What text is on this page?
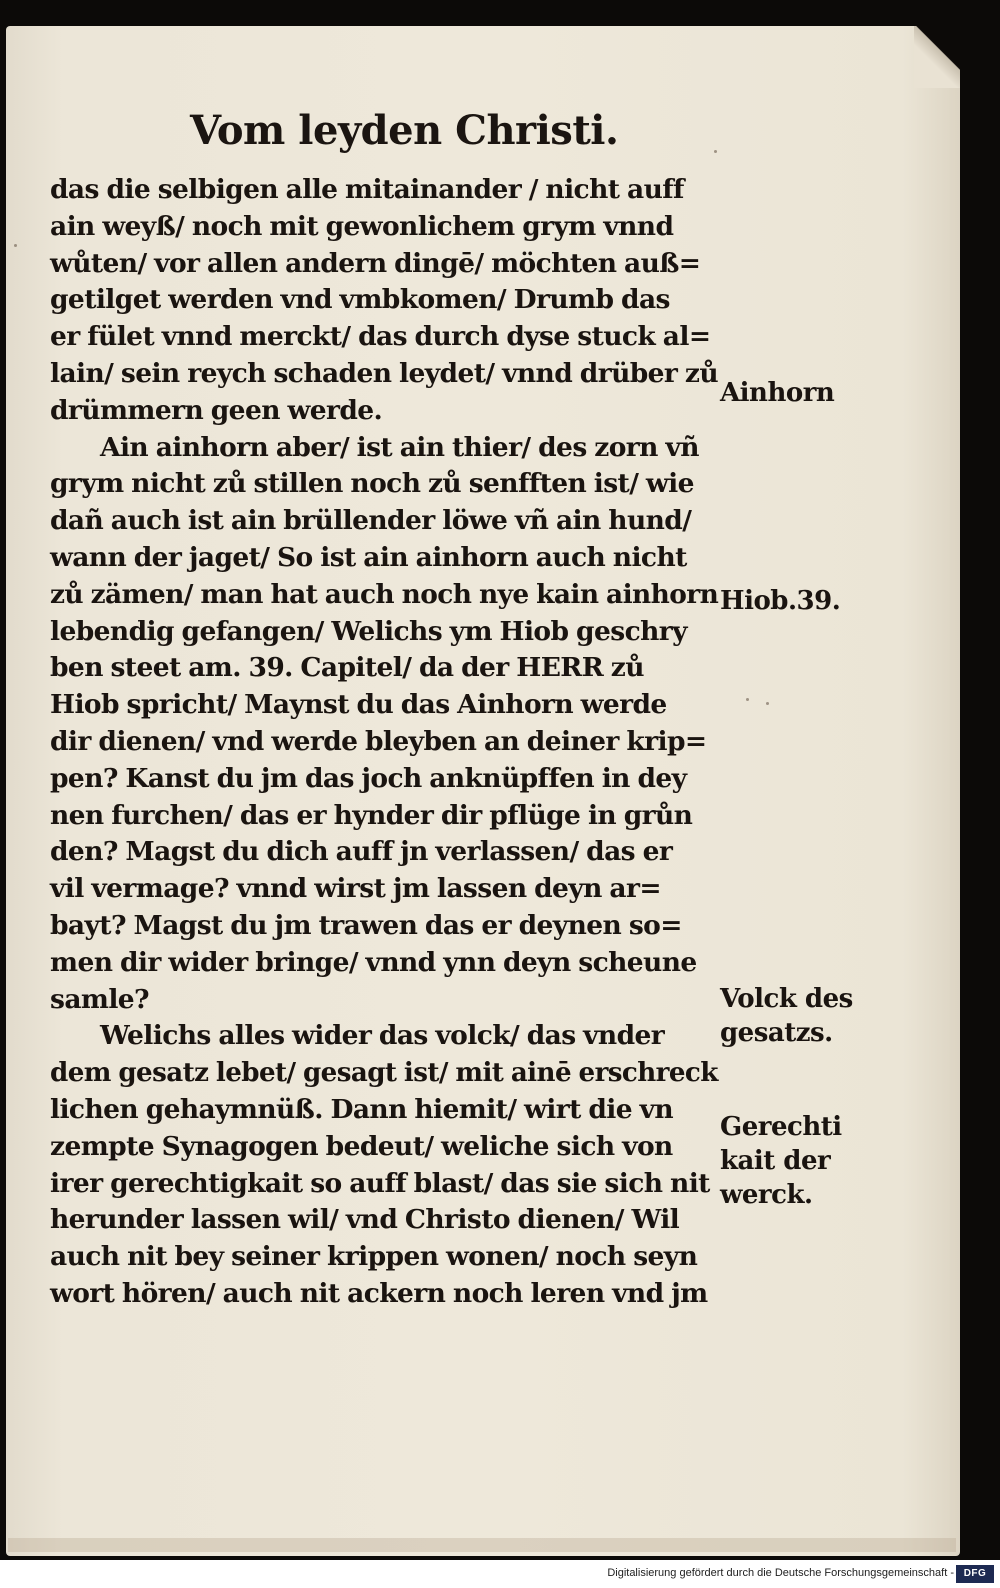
Vom leyden Christi.
das die selbigen alle mitainander / nicht auff
ain weyß/ noch mit gewonlichem grym vnnd
wůten/ vor allen andern dingē/ möchten auß=
getilget werden vnd vmbkomen/ Drumb das
er fület vnnd merckt/ das durch dyse stuck al=
lain/ sein reych schaden leydet/ vnnd drüber zů
drümmern geen werde.
Ain ainhorn aber/ ist ain thier/ des zorn vñ
grym nicht zů stillen noch zů senfften ist/ wie
dañ auch ist ain brüllender löwe vñ ain hund/
wann der jaget/ So ist ain ainhorn auch nicht
zů zämen/ man hat auch noch nye kain ainhorn
lebendig gefangen/ Welichs ym Hiob geschry
ben steet am. 39. Capitel/ da der HERR zů
Hiob spricht/ Maynst du das Ainhorn werde
dir dienen/ vnd werde bleyben an deiner krip=
pen? Kanst du jm das joch anknüpffen in dey
nen furchen/ das er hynder dir pflüge in grůn
den? Magst du dich auff jn verlassen/ das er
vil vermage? vnnd wirst jm lassen deyn ar=
bayt? Magst du jm trawen das er deynen so=
men dir wider bringe/ vnnd ynn deyn scheune
samle?
Welichs alles wider das volck/ das vnder
dem gesatz lebet/ gesagt ist/ mit ainē erschreck
lichen gehaymnüß. Dann hiemit/ wirt die vn
zempte Synagogen bedeut/ weliche sich von
irer gerechtigkait so auff blast/ das sie sich nit
herunder lassen wil/ vnd Christo dienen/ Wil
auch nit bey seiner krippen wonen/ noch seyn
wort hören/ auch nit ackern noch leren vnd jm
Ainhorn
Hiob.39.
Volck des
gesatzs.
Gerechti
kait der
werck.
Digitalisierung gefördert durch die Deutsche Forschungsgemeinschaft - DFG
